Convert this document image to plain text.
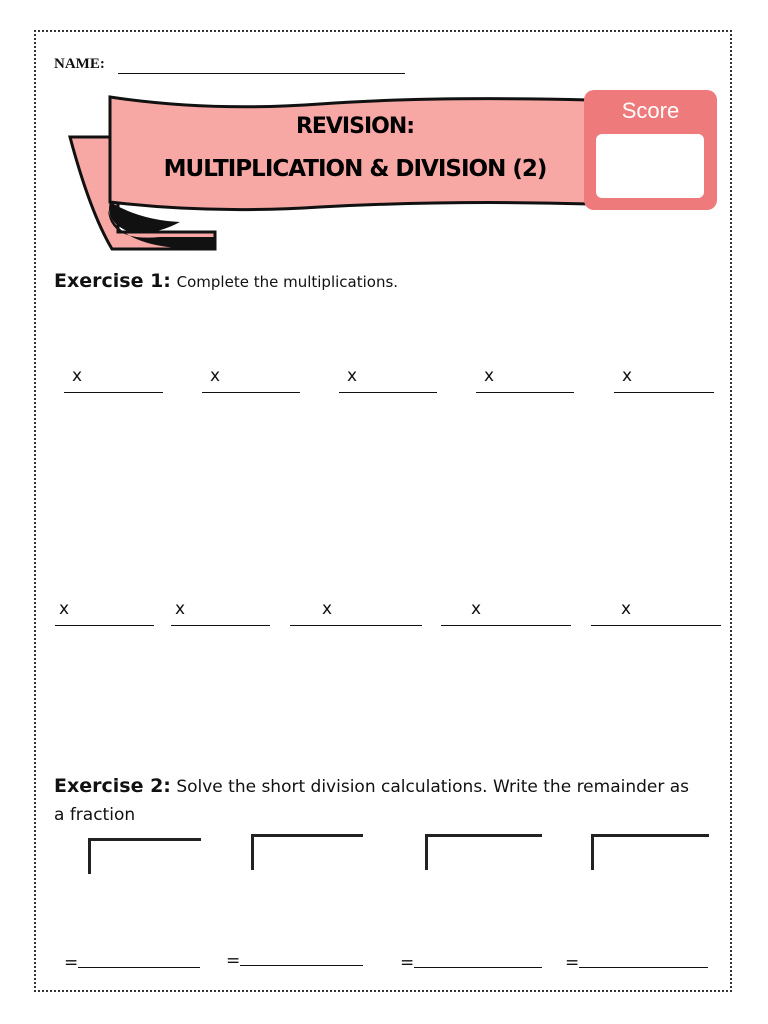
NAME:
REVISION:
MULTIPLICATION & DIVISION (2)
Score
Exercise 1: Complete the multiplications.
x	x	x	x	x
x	x	x	x	x
Exercise 2: Solve the short division calculations. Write the remainder as a fraction
=	=	=	=
